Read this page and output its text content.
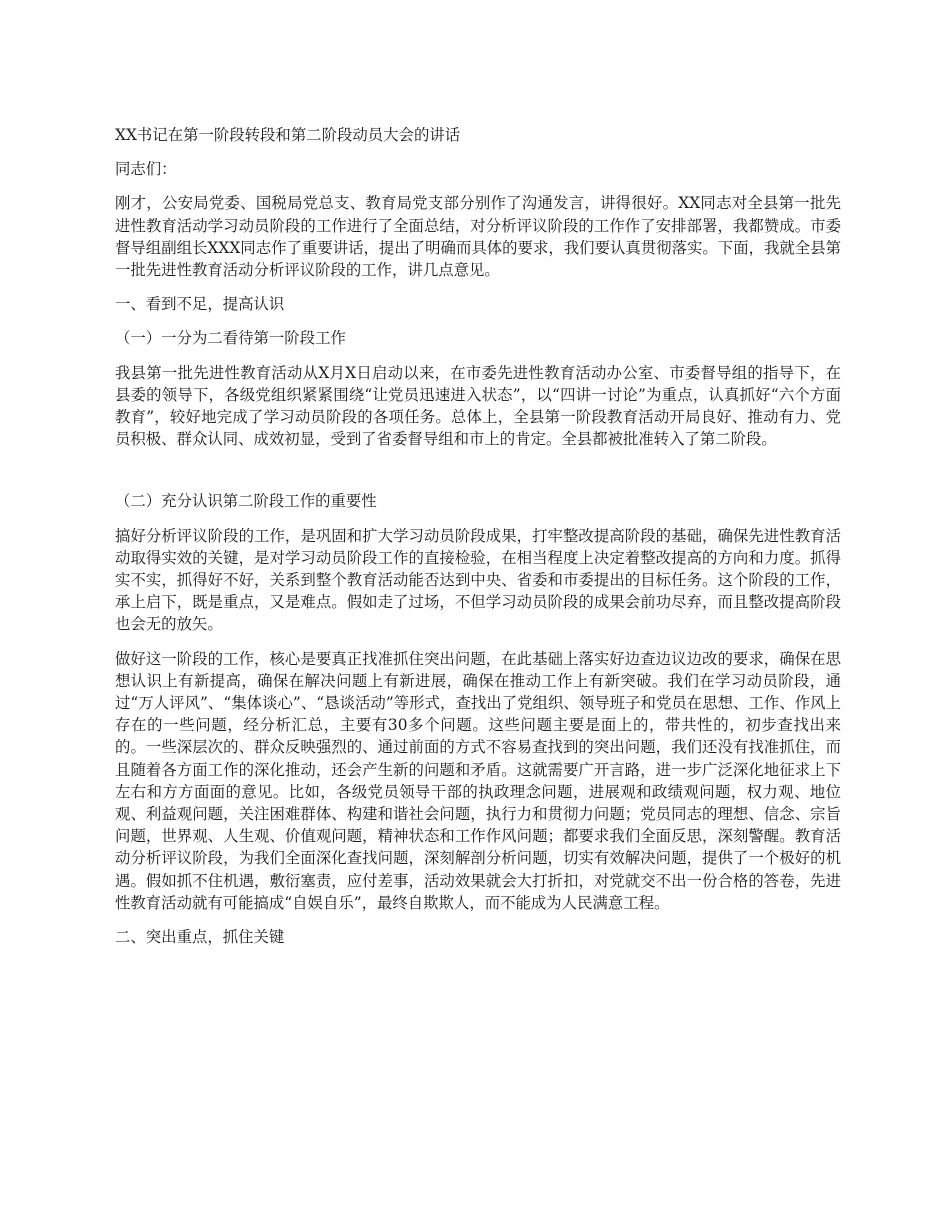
XX书记在第一阶段转段和第二阶段动员大会的讲话

同志们：

刚才，公安局党委、国税局党总支、教育局党支部分别作了沟通发言，讲得很好。XX同志对全县第一批先进性教育活动学习动员阶段的工作进行了全面总结，对分析评议阶段的工作作了安排部署，我都赞成。市委督导组副组长XXX同志作了重要讲话，提出了明确而具体的要求，我们要认真贯彻落实。下面，我就全县第一批先进性教育活动分析评议阶段的工作，讲几点意见。

一、看到不足，提高认识

（一）一分为二看待第一阶段工作

我县第一批先进性教育活动从X月X日启动以来，在市委先进性教育活动办公室、市委督导组的指导下，在县委的领导下，各级党组织紧紧围绕“让党员迅速进入状态”，以“四讲一讨论”为重点，认真抓好“六个方面教育”，较好地完成了学习动员阶段的各项任务。总体上，全县第一阶段教育活动开局良好、推动有力、党员积极、群众认同、成效初显，受到了省委督导组和市上的肯定。全县都被批准转入了第二阶段。

（二）充分认识第二阶段工作的重要性

搞好分析评议阶段的工作，是巩固和扩大学习动员阶段成果，打牢整改提高阶段的基础，确保先进性教育活动取得实效的关键，是对学习动员阶段工作的直接检验，在相当程度上决定着整改提高的方向和力度。抓得实不实，抓得好不好，关系到整个教育活动能否达到中央、省委和市委提出的目标任务。这个阶段的工作，承上启下，既是重点，又是难点。假如走了过场，不但学习动员阶段的成果会前功尽弃，而且整改提高阶段也会无的放矢。

做好这一阶段的工作，核心是要真正找准抓住突出问题，在此基础上落实好边查边议边改的要求，确保在思想认识上有新提高，确保在解决问题上有新进展，确保在推动工作上有新突破。我们在学习动员阶段，通过“万人评风”、“集体谈心”、“恳谈活动”等形式，查找出了党组织、领导班子和党员在思想、工作、作风上存在的一些问题，经分析汇总，主要有30多个问题。这些问题主要是面上的，带共性的，初步查找出来的。一些深层次的、群众反映强烈的、通过前面的方式不容易查找到的突出问题，我们还没有找准抓住，而且随着各方面工作的深化推动，还会产生新的问题和矛盾。这就需要广开言路，进一步广泛深化地征求上下左右和方方面面的意见。比如，各级党员领导干部的执政理念问题，进展观和政绩观问题，权力观、地位观、利益观问题，关注困难群体、构建和谐社会问题，执行力和贯彻力问题；党员同志的理想、信念、宗旨问题，世界观、人生观、价值观问题，精神状态和工作作风问题；都要求我们全面反思，深刻警醒。教育活动分析评议阶段，为我们全面深化查找问题，深刻解剖分析问题，切实有效解决问题，提供了一个极好的机遇。假如抓不住机遇，敷衍塞责，应付差事，活动效果就会大打折扣，对党就交不出一份合格的答卷，先进性教育活动就有可能搞成“自娱自乐”，最终自欺欺人，而不能成为人民满意工程。

二、突出重点，抓住关键
